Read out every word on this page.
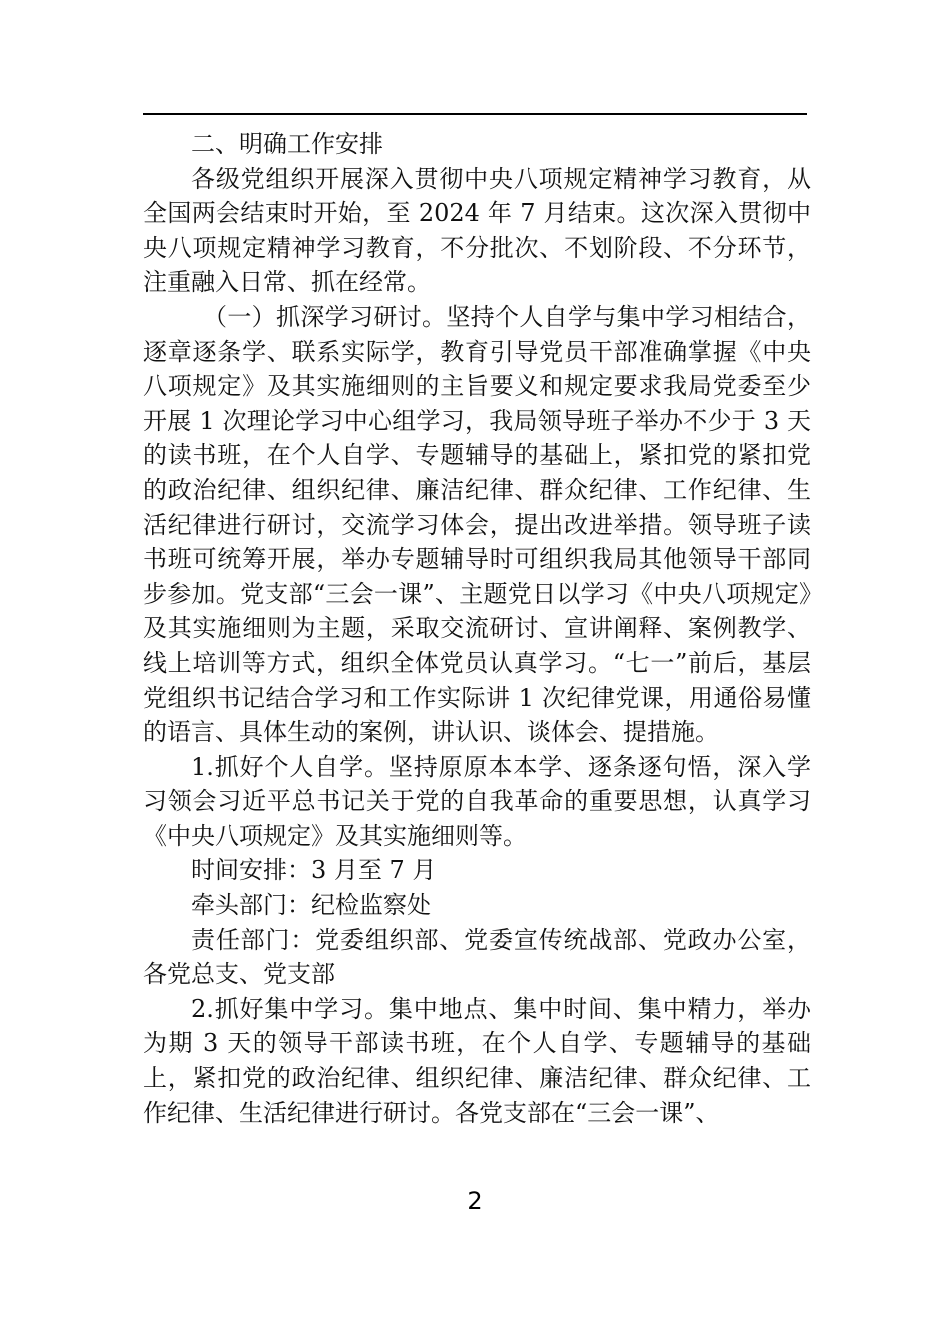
二、明确工作安排

各级党组织开展深入贯彻中央八项规定精神学习教育，从全国两会结束时开始，至 2024 年 7 月结束。这次深入贯彻中央八项规定精神学习教育，不分批次、不划阶段、不分环节，注重融入日常、抓在经常。

（一）抓深学习研讨。坚持个人自学与集中学习相结合，逐章逐条学、联系实际学，教育引导党员干部准确掌握《中央八项规定》及其实施细则的主旨要义和规定要求我局党委至少开展 1 次理论学习中心组学习，我局领导班子举办不少于 3 天的读书班，在个人自学、专题辅导的基础上，紧扣党的紧扣党的政治纪律、组织纪律、廉洁纪律、群众纪律、工作纪律、生活纪律进行研讨，交流学习体会，提出改进举措。领导班子读书班可统筹开展，举办专题辅导时可组织我局其他领导干部同步参加。党支部“三会一课”、主题党日以学习《中央八项规定》及其实施细则为主题，采取交流研讨、宣讲阐释、案例教学、线上培训等方式，组织全体党员认真学习。“七一”前后，基层党组织书记结合学习和工作实际讲 1 次纪律党课，用通俗易懂的语言、具体生动的案例，讲认识、谈体会、提措施。

1.抓好个人自学。坚持原原本本学、逐条逐句悟，深入学习领会习近平总书记关于党的自我革命的重要思想，认真学习《中央八项规定》及其实施细则等。

时间安排：3 月至 7 月

牵头部门：纪检监察处

责任部门：党委组织部、党委宣传统战部、党政办公室，各党总支、党支部

2.抓好集中学习。集中地点、集中时间、集中精力，举办为期 3 天的领导干部读书班，在个人自学、专题辅导的基础上，紧扣党的政治纪律、组织纪律、廉洁纪律、群众纪律、工作纪律、生活纪律进行研讨。各党支部在“三会一课”、

2
